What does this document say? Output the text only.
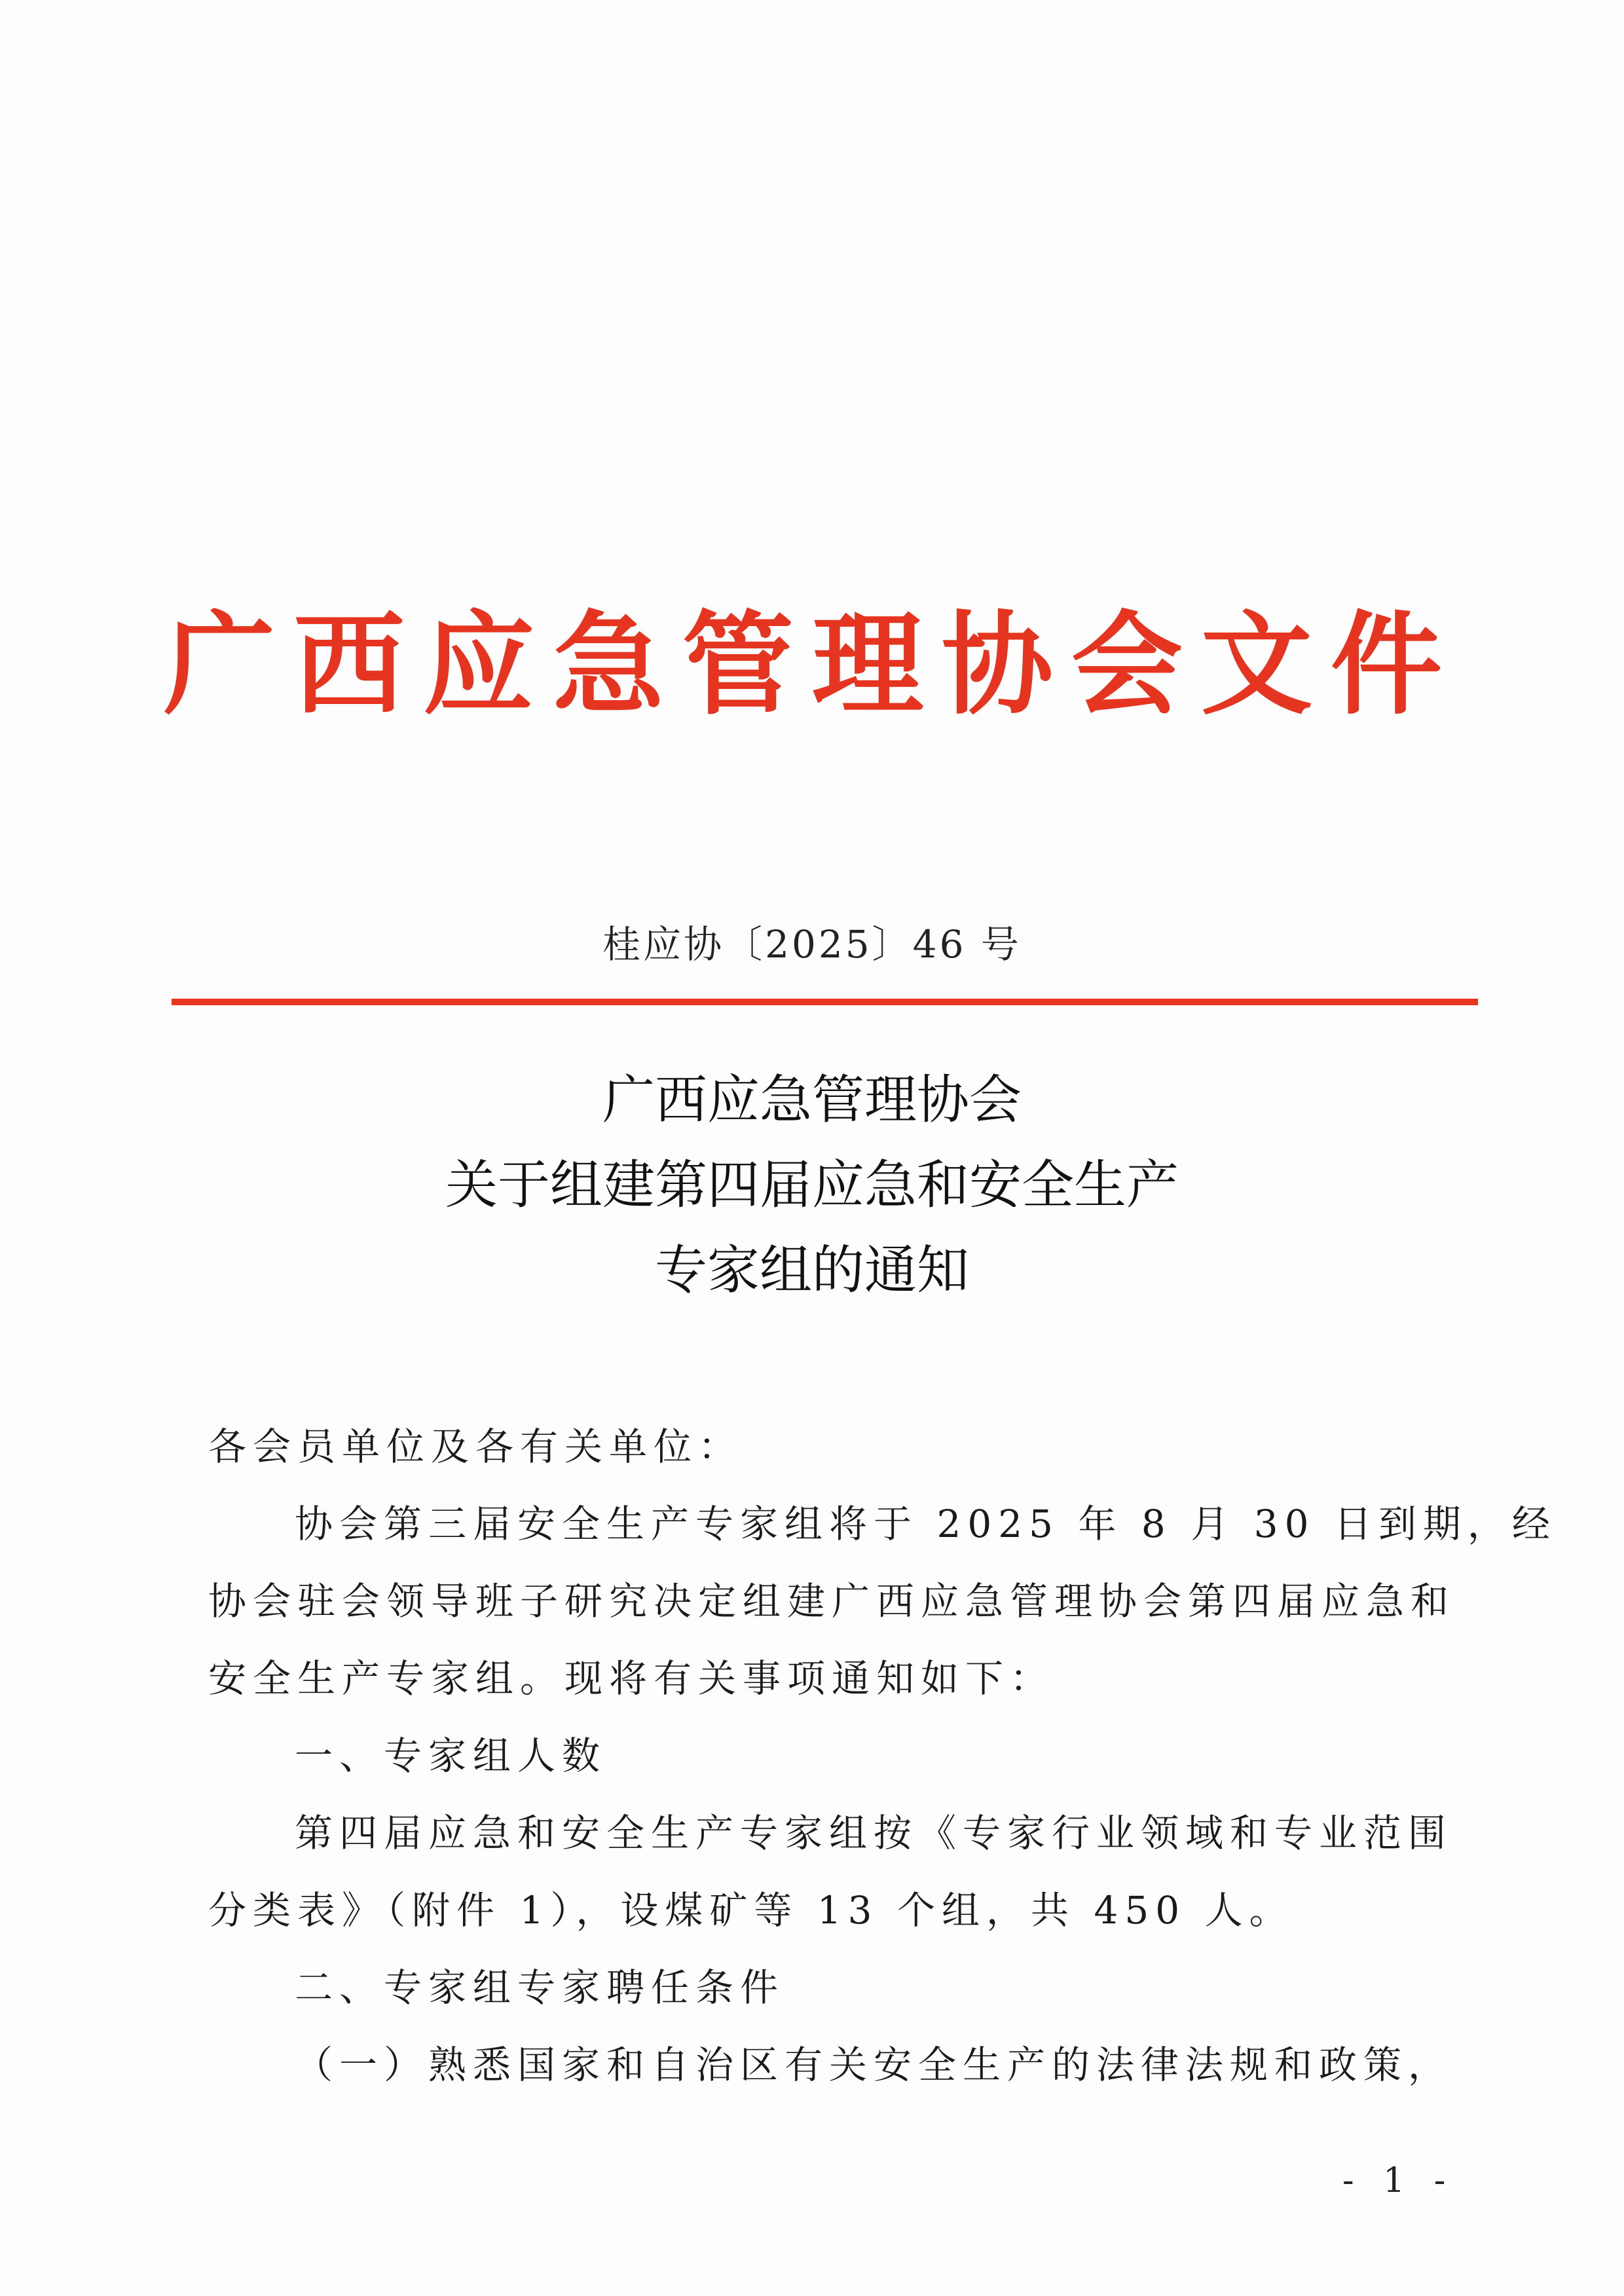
广西应急管理协会文件
桂应协〔2025〕46 号
广西应急管理协会
关于组建第四届应急和安全生产
专家组的通知
各会员单位及各有关单位：
协会第三届安全生产专家组将于 2025 年 8 月 30 日到期，经
协会驻会领导班子研究决定组建广西应急管理协会第四届应急和
安全生产专家组。现将有关事项通知如下：
一、专家组人数
第四届应急和安全生产专家组按《专家行业领域和专业范围
分类表》（附件 1），设煤矿等 13 个组，共 450 人。
二、专家组专家聘任条件
（一）熟悉国家和自治区有关安全生产的法律法规和政策，
- 1 -
